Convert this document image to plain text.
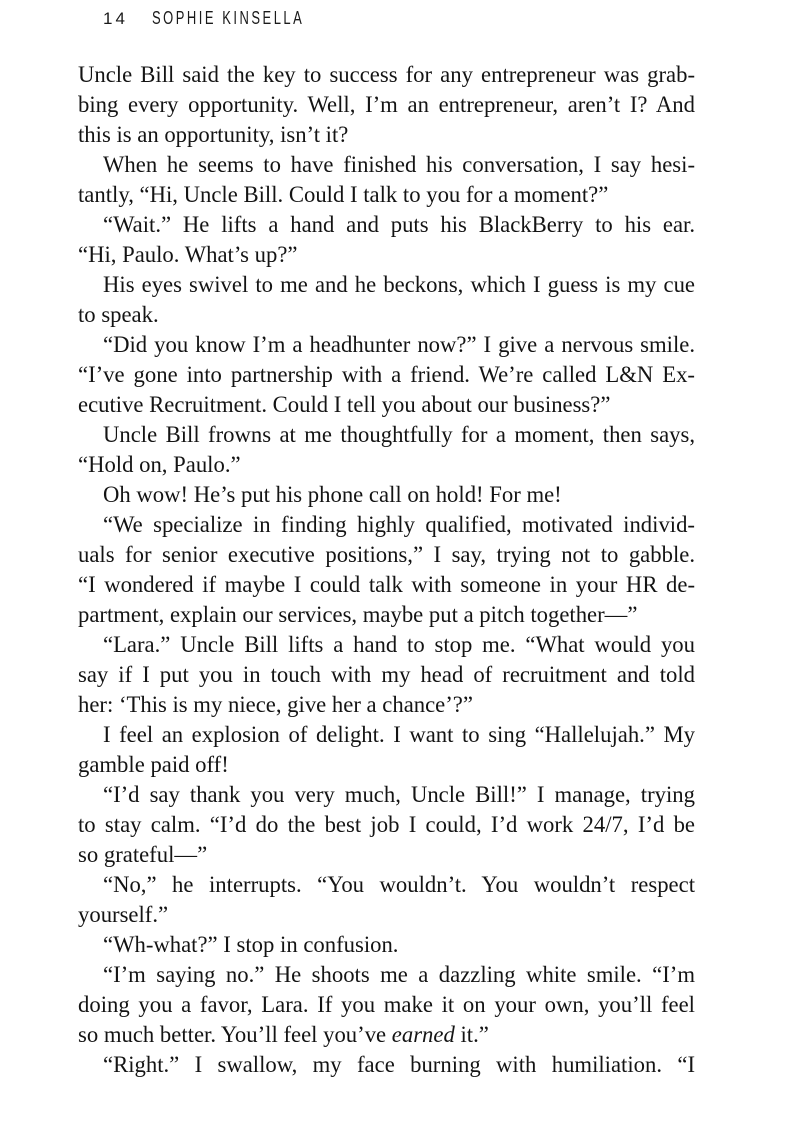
14 SOPHIE KINSELLA
Uncle Bill said the key to success for any entrepreneur was grab-
bing every opportunity. Well, I’m an entrepreneur, aren’t I? And
this is an opportunity, isn’t it?
When he seems to have finished his conversation, I say hesi-
tantly, “Hi, Uncle Bill. Could I talk to you for a moment?”
“Wait.” He lifts a hand and puts his BlackBerry to his ear.
“Hi, Paulo. What’s up?”
His eyes swivel to me and he beckons, which I guess is my cue
to speak.
“Did you know I’m a headhunter now?” I give a nervous smile.
“I’ve gone into partnership with a friend. We’re called L&N Ex-
ecutive Recruitment. Could I tell you about our business?”
Uncle Bill frowns at me thoughtfully for a moment, then says,
“Hold on, Paulo.”
Oh wow! He’s put his phone call on hold! For me!
“We specialize in finding highly qualified, motivated individ-
uals for senior executive positions,” I say, trying not to gabble.
“I wondered if maybe I could talk with someone in your HR de-
partment, explain our services, maybe put a pitch together—”
“Lara.” Uncle Bill lifts a hand to stop me. “What would you
say if I put you in touch with my head of recruitment and told
her: ‘This is my niece, give her a chance’?”
I feel an explosion of delight. I want to sing “Hallelujah.” My
gamble paid off!
“I’d say thank you very much, Uncle Bill!” I manage, trying
to stay calm. “I’d do the best job I could, I’d work 24/7, I’d be
so grateful—”
“No,” he interrupts. “You wouldn’t. You wouldn’t respect
yourself.”
“Wh-what?” I stop in confusion.
“I’m saying no.” He shoots me a dazzling white smile. “I’m
doing you a favor, Lara. If you make it on your own, you’ll feel
so much better. You’ll feel you’ve earned it.”
“Right.” I swallow, my face burning with humiliation. “I
